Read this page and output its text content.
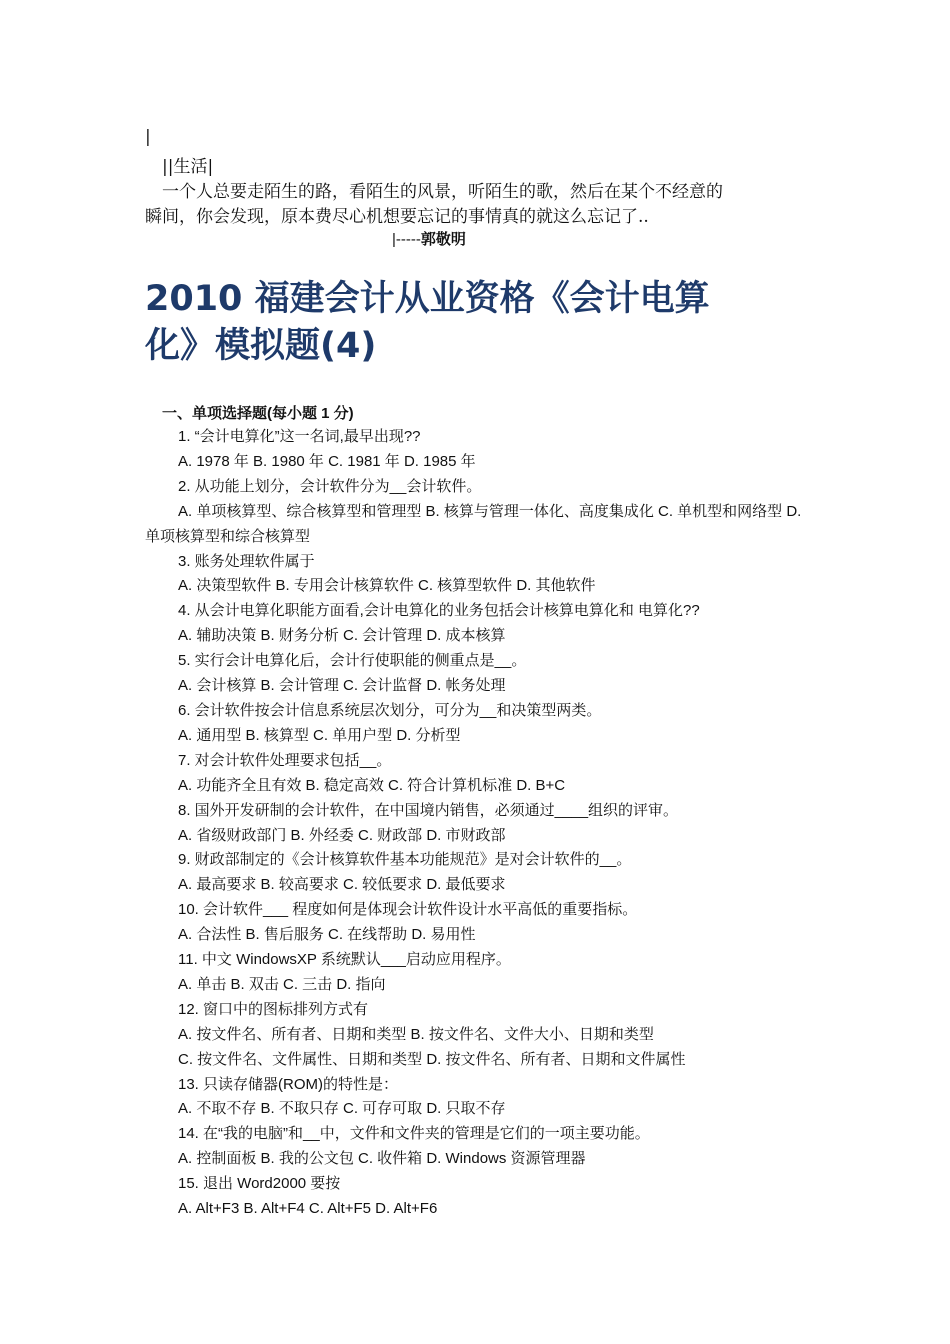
|
||生活|
一个人总要走陌生的路，看陌生的风景，听陌生的歌，然后在某个不经意的
瞬间，你会发现，原本费尽心机想要忘记的事情真的就这么忘记了..
|-----郭敬明
2010 福建会计从业资格《会计电算
化》模拟题(4)
一、单项选择题(每小题 1 分)
1. “会计电算化”这一名词,最早出现??
A. 1978 年 B. 1980 年 C. 1981 年 D. 1985 年
2. 从功能上划分，会计软件分为__会计软件。
A. 单项核算型、综合核算型和管理型 B. 核算与管理一体化、高度集成化 C. 单机型和网络型 D. 单项核算型和综合核算型
3. 账务处理软件属于
A. 决策型软件 B. 专用会计核算软件 C. 核算型软件 D. 其他软件
4. 从会计电算化职能方面看,会计电算化的业务包括会计核算电算化和 电算化??
A. 辅助决策 B. 财务分析 C. 会计管理 D. 成本核算
5. 实行会计电算化后，会计行使职能的侧重点是__。
A. 会计核算 B. 会计管理 C. 会计监督 D. 帐务处理
6. 会计软件按会计信息系统层次划分，可分为__和决策型两类。
A. 通用型 B. 核算型 C. 单用户型 D. 分析型
7. 对会计软件处理要求包括__。
A. 功能齐全且有效 B. 稳定高效 C. 符合计算机标准 D. B+C
8. 国外开发研制的会计软件，在中国境内销售，必须通过____组织的评审。
A. 省级财政部门 B. 外经委 C. 财政部 D. 市财政部
9. 财政部制定的《会计核算软件基本功能规范》是对会计软件的__。
A. 最高要求 B. 较高要求 C. 较低要求 D. 最低要求
10. 会计软件___ 程度如何是体现会计软件设计水平高低的重要指标。
A. 合法性 B. 售后服务 C. 在线帮助 D. 易用性
11. 中文 WindowsXP 系统默认___启动应用程序。
A. 单击 B. 双击 C. 三击 D. 指向
12. 窗口中的图标排列方式有
A. 按文件名、所有者、日期和类型 B. 按文件名、文件大小、日期和类型
C. 按文件名、文件属性、日期和类型 D. 按文件名、所有者、日期和文件属性
13. 只读存储器(ROM)的特性是：
A. 不取不存 B. 不取只存 C. 可存可取 D. 只取不存
14. 在“我的电脑”和__中，文件和文件夹的管理是它们的一项主要功能。
A. 控制面板 B. 我的公文包 C. 收件箱 D. Windows 资源管理器
15. 退出 Word2000 要按
A. Alt+F3 B. Alt+F4 C. Alt+F5 D. Alt+F6
